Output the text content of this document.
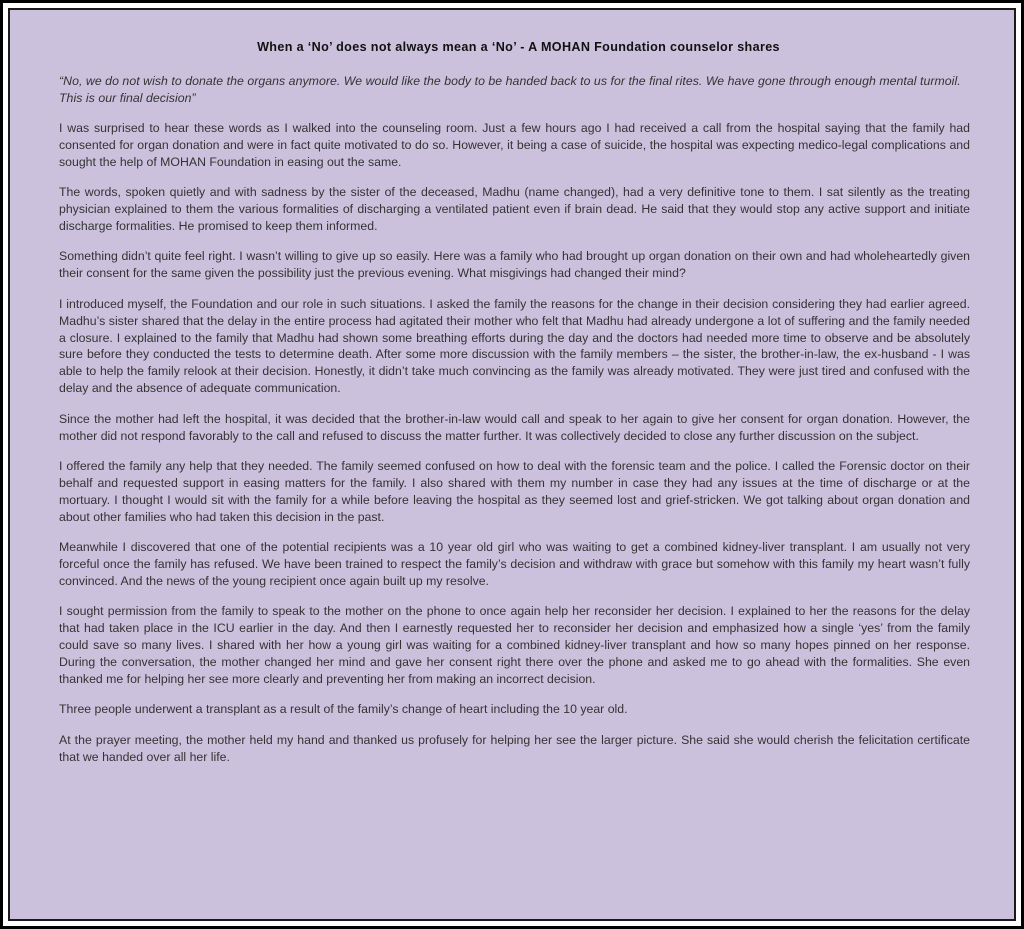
When a ‘No’ does not always mean a ‘No’ - A MOHAN Foundation counselor shares

“No, we do not wish to donate the organs anymore. We would like the body to be handed back to us for the final rites. We have gone through enough mental turmoil. This is our final decision”

I was surprised to hear these words as I walked into the counseling room. Just a few hours ago I had received a call from the hospital saying that the family had consented for organ donation and were in fact quite motivated to do so. However, it being a case of suicide, the hospital was expecting medico-legal complications and sought the help of MOHAN Foundation in easing out the same.

The words, spoken quietly and with sadness by the sister of the deceased, Madhu (name changed), had a very definitive tone to them. I sat silently as the treating physician explained to them the various formalities of discharging a ventilated patient even if brain dead. He said that they would stop any active support and initiate discharge formalities. He promised to keep them informed.

Something didn’t quite feel right. I wasn’t willing to give up so easily. Here was a family who had brought up organ donation on their own and had wholeheartedly given their consent for the same given the possibility just the previous evening. What misgivings had changed their mind?

I introduced myself, the Foundation and our role in such situations. I asked the family the reasons for the change in their decision considering they had earlier agreed. Madhu’s sister shared that the delay in the entire process had agitated their mother who felt that Madhu had already undergone a lot of suffering and the family needed a closure. I explained to the family that Madhu had shown some breathing efforts during the day and the doctors had needed more time to observe and be absolutely sure before they conducted the tests to determine death. After some more discussion with the family members – the sister, the brother-in-law, the ex-husband - I was able to help the family relook at their decision. Honestly, it didn’t take much convincing as the family was already motivated. They were just tired and confused with the delay and the absence of adequate communication.

Since the mother had left the hospital, it was decided that the brother-in-law would call and speak to her again to give her consent for organ donation. However, the mother did not respond favorably to the call and refused to discuss the matter further. It was collectively decided to close any further discussion on the subject.

I offered the family any help that they needed. The family seemed confused on how to deal with the forensic team and the police. I called the Forensic doctor on their behalf and requested support in easing matters for the family. I also shared with them my number in case they had any issues at the time of discharge or at the mortuary. I thought I would sit with the family for a while before leaving the hospital as they seemed lost and grief-stricken. We got talking about organ donation and about other families who had taken this decision in the past.

Meanwhile I discovered that one of the potential recipients was a 10 year old girl who was waiting to get a combined kidney-liver transplant. I am usually not very forceful once the family has refused. We have been trained to respect the family’s decision and withdraw with grace but somehow with this family my heart wasn’t fully convinced. And the news of the young recipient once again built up my resolve.

I sought permission from the family to speak to the mother on the phone to once again help her reconsider her decision. I explained to her the reasons for the delay that had taken place in the ICU earlier in the day. And then I earnestly requested her to reconsider her decision and emphasized how a single ‘yes’ from the family could save so many lives. I shared with her how a young girl was waiting for a combined kidney-liver transplant and how so many hopes pinned on her response. During the conversation, the mother changed her mind and gave her consent right there over the phone and asked me to go ahead with the formalities. She even thanked me for helping her see more clearly and preventing her from making an incorrect decision.

Three people underwent a transplant as a result of the family’s change of heart including the 10 year old.

At the prayer meeting, the mother held my hand and thanked us profusely for helping her see the larger picture. She said she would cherish the felicitation certificate that we handed over all her life.
